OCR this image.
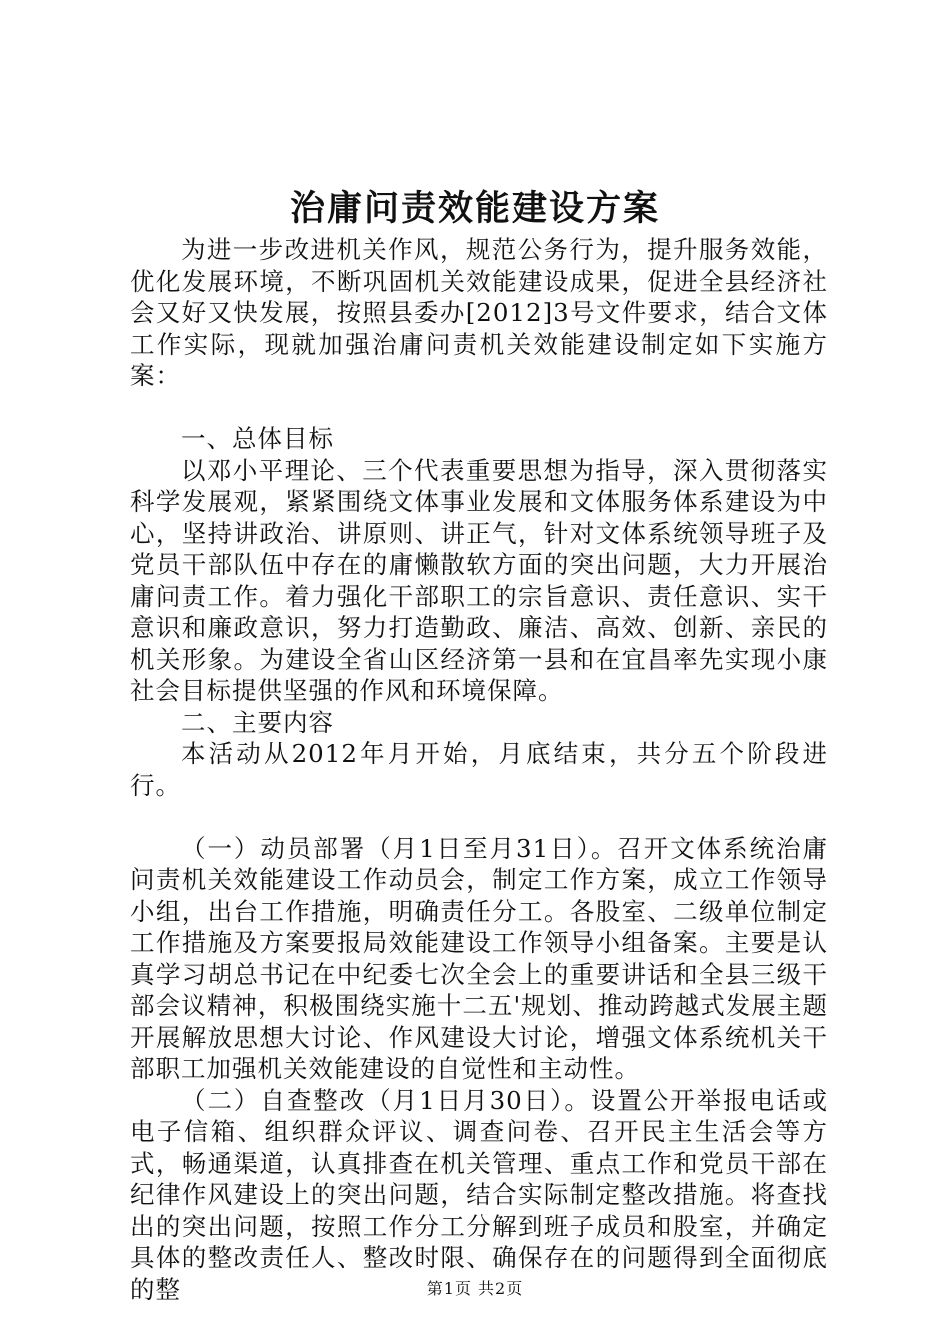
治庸问责效能建设方案

为进一步改进机关作风，规范公务行为，提升服务效能，优化发展环境，不断巩固机关效能建设成果，促进全县经济社会又好又快发展，按照县委办[2012]3号文件要求，结合文体工作实际，现就加强治庸问责机关效能建设制定如下实施方案：

一、总体目标

以邓小平理论、三个代表重要思想为指导，深入贯彻落实科学发展观，紧紧围绕文体事业发展和文体服务体系建设为中心，坚持讲政治、讲原则、讲正气，针对文体系统领导班子及党员干部队伍中存在的庸懒散软方面的突出问题，大力开展治庸问责工作。着力强化干部职工的宗旨意识、责任意识、实干意识和廉政意识，努力打造勤政、廉洁、高效、创新、亲民的机关形象。为建设全省山区经济第一县和在宜昌率先实现小康社会目标提供坚强的作风和环境保障。

二、主要内容

本活动从2012年月开始，月底结束，共分五个阶段进行。

（一）动员部署（月1日至月31日）。召开文体系统治庸问责机关效能建设工作动员会，制定工作方案，成立工作领导小组，出台工作措施，明确责任分工。各股室、二级单位制定工作措施及方案要报局效能建设工作领导小组备案。主要是认真学习胡总书记在中纪委七次全会上的重要讲话和全县三级干部会议精神，积极围绕实施十二五'规划、推动跨越式发展主题开展解放思想大讨论、作风建设大讨论，增强文体系统机关干部职工加强机关效能建设的自觉性和主动性。

（二）自查整改（月1日月30日）。设置公开举报电话或电子信箱、组织群众评议、调查问卷、召开民主生活会等方式，畅通渠道，认真排查在机关管理、重点工作和党员干部在纪律作风建设上的突出问题，结合实际制定整改措施。将查找出的突出问题，按照工作分工分解到班子成员和股室，并确定具体的整改责任人、整改时限、确保存在的问题得到全面彻底的整	第1页 共2页
